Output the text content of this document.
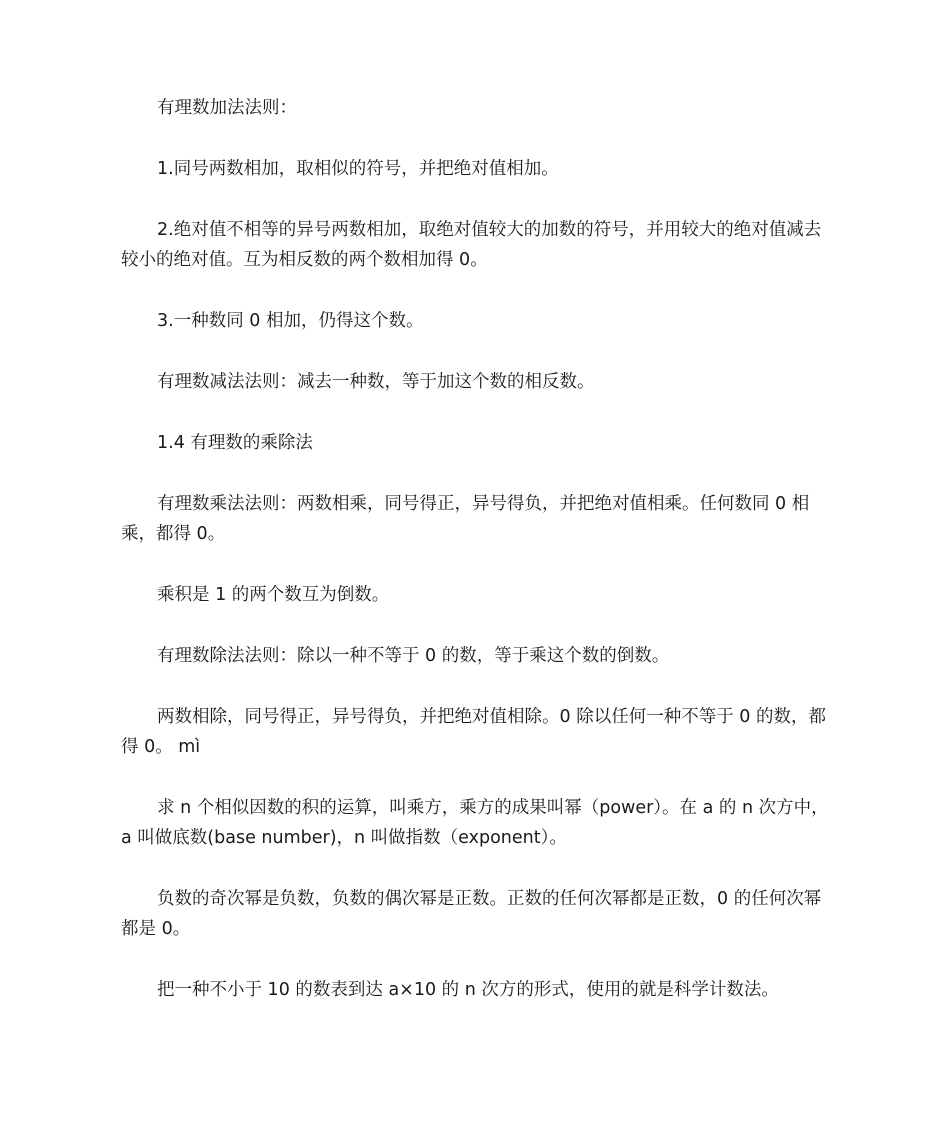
有理数加法法则：

1.同号两数相加，取相似的符号，并把绝对值相加。

2.绝对值不相等的异号两数相加，取绝对值较大的加数的符号，并用较大的绝对值减去较小的绝对值。互为相反数的两个数相加得 0。

3.一种数同 0 相加，仍得这个数。

有理数减法法则：减去一种数，等于加这个数的相反数。

1.4 有理数的乘除法

有理数乘法法则：两数相乘，同号得正，异号得负，并把绝对值相乘。任何数同 0 相乘，都得 0。

乘积是 1 的两个数互为倒数。

有理数除法法则：除以一种不等于 0 的数，等于乘这个数的倒数。

两数相除，同号得正，异号得负，并把绝对值相除。0 除以任何一种不等于 0 的数，都得 0。 mì

求 n 个相似因数的积的运算，叫乘方，乘方的成果叫幂（power）。在 a 的 n 次方中，a 叫做底数(base number)，n 叫做指数（exponent）。

负数的奇次幂是负数，负数的偶次幂是正数。正数的任何次幂都是正数，0 的任何次幂都是 0。

把一种不小于 10 的数表到达 a×10 的 n 次方的形式，使用的就是科学计数法。
